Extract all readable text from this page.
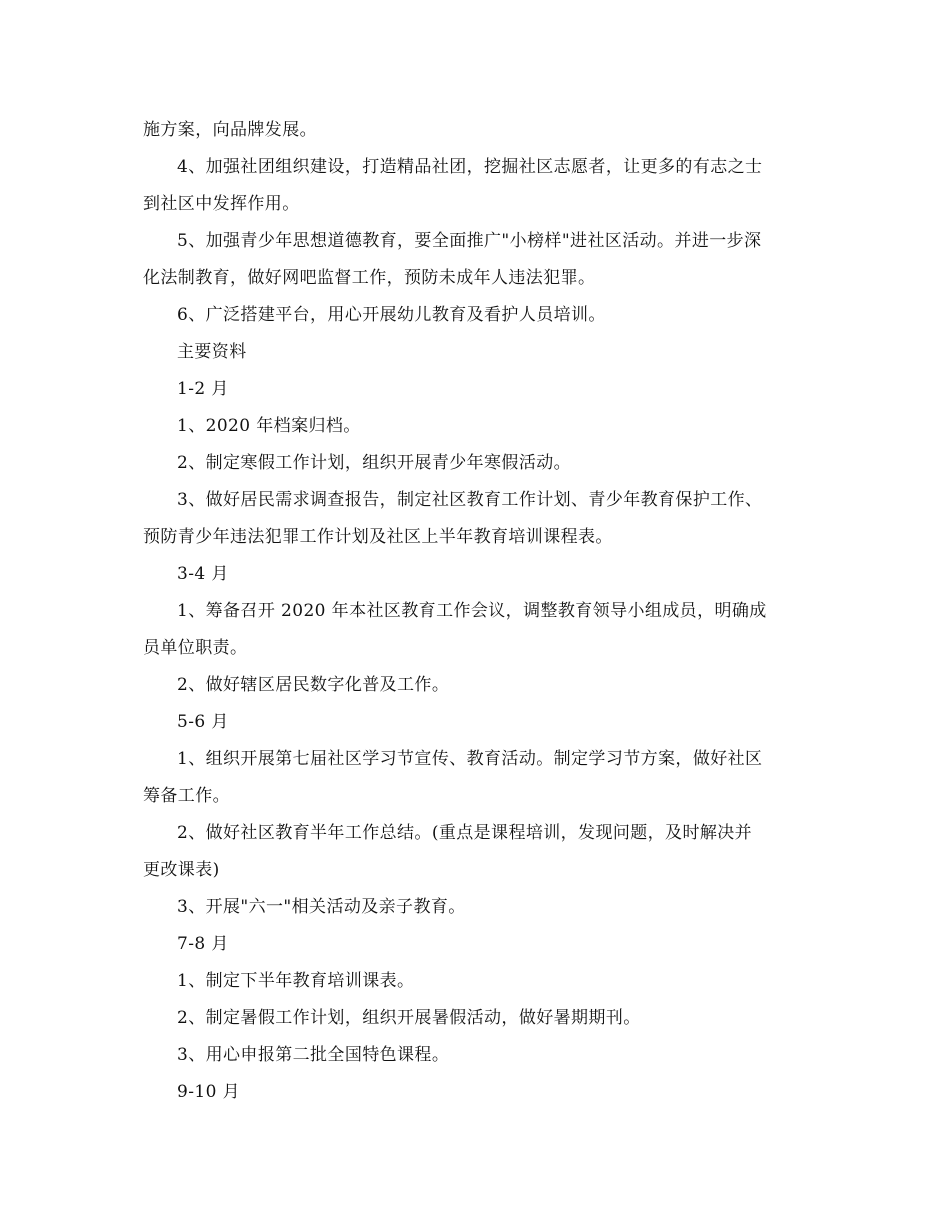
施方案，向品牌发展。
4、加强社团组织建设，打造精品社团，挖掘社区志愿者，让更多的有志之士
到社区中发挥作用。
5、加强青少年思想道德教育，要全面推广"小榜样"进社区活动。并进一步深
化法制教育，做好网吧监督工作，预防未成年人违法犯罪。
6、广泛搭建平台，用心开展幼儿教育及看护人员培训。
主要资料
1-2 月
1、2020 年档案归档。
2、制定寒假工作计划，组织开展青少年寒假活动。
3、做好居民需求调查报告，制定社区教育工作计划、青少年教育保护工作、
预防青少年违法犯罪工作计划及社区上半年教育培训课程表。
3-4 月
1、筹备召开 2020 年本社区教育工作会议，调整教育领导小组成员，明确成
员单位职责。
2、做好辖区居民数字化普及工作。
5-6 月
1、组织开展第七届社区学习节宣传、教育活动。制定学习节方案，做好社区
筹备工作。
2、做好社区教育半年工作总结。(重点是课程培训，发现问题，及时解决并
更改课表)
3、开展"六一"相关活动及亲子教育。
7-8 月
1、制定下半年教育培训课表。
2、制定暑假工作计划，组织开展暑假活动，做好暑期期刊。
3、用心申报第二批全国特色课程。
9-10 月
